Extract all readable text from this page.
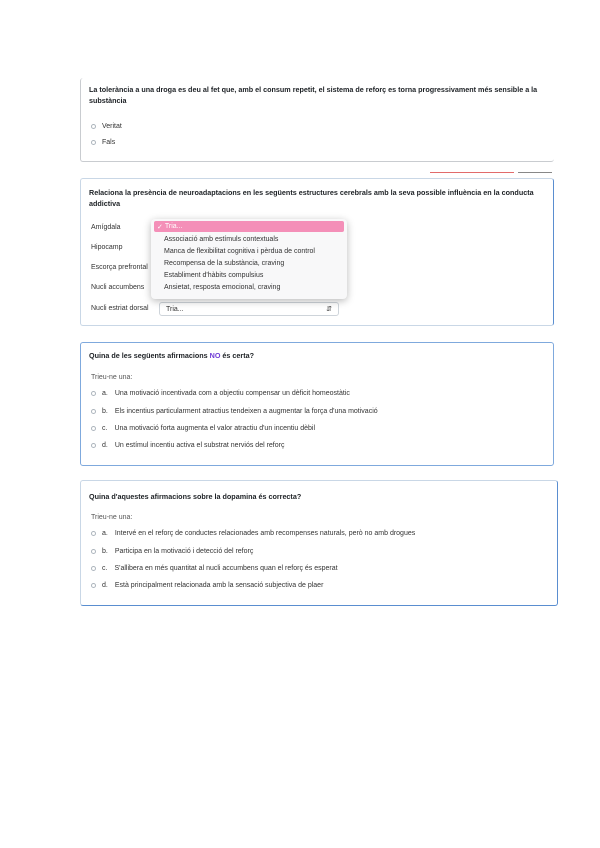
La tolerància a una droga es deu al fet que, amb el consum repetit, el sistema de reforç es torna progressivament més sensible a la substància
Veritat
Fals
Relaciona la presència de neuroadaptacions en les següents estructures cerebrals amb la seva possible influència en la conducta addictiva
Amígdala
Hipocamp
Escorça prefrontal
Nucli accumbens
Nucli estriat dorsal Tria...	⇵
✓ Tria...
Associació amb estímuls contextuals
Manca de flexibilitat cognitiva i pèrdua de control
Recompensa de la substància, craving
Establiment d'hàbits compulsius
Ansietat, resposta emocional, craving
Quina de les següents afirmacions NO és certa?
Trieu-ne una:
a. Una motivació incentivada com a objectiu compensar un dèficit homeostàtic
b. Els incentius particularment atractius tendeixen a augmentar la força d'una motivació
c. Una motivació forta augmenta el valor atractiu d'un incentiu dèbil
d. Un estímul incentiu activa el substrat nerviós del reforç
Quina d'aquestes afirmacions sobre la dopamina és correcta?
Trieu-ne una:
a. Intervé en el reforç de conductes relacionades amb recompenses naturals, però no amb drogues
b. Participa en la motivació i detecció del reforç
c. S'allibera en més quantitat al nucli accumbens quan el reforç és esperat
d. Està principalment relacionada amb la sensació subjectiva de plaer
